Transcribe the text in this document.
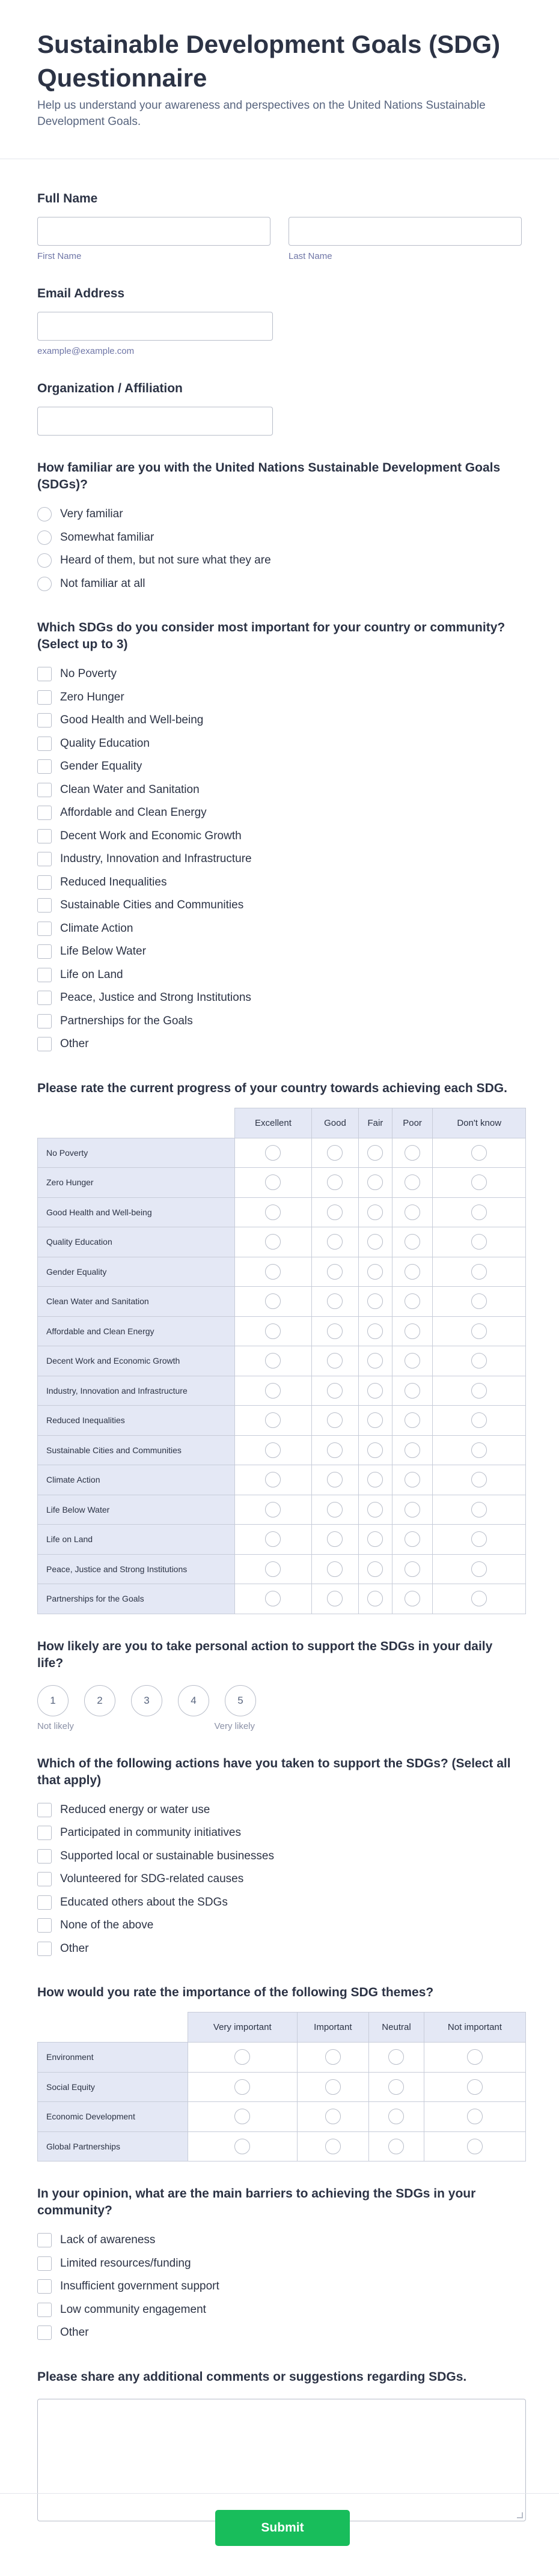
Sustainable Development Goals (SDG) Questionnaire

Help us understand your awareness and perspectives on the United Nations Sustainable Development Goals.

Full Name
First Name	Last Name
Email Address
example@example.com
Organization / Affiliation
How familiar are you with the United Nations Sustainable Development Goals (SDGs)?
Very familiar
Somewhat familiar
Heard of them, but not sure what they are
Not familiar at all
Which SDGs do you consider most important for your country or community? (Select up to 3)
No Poverty
Zero Hunger
Good Health and Well-being
Quality Education
Gender Equality
Clean Water and Sanitation
Affordable and Clean Energy
Decent Work and Economic Growth
Industry, Innovation and Infrastructure
Reduced Inequalities
Sustainable Cities and Communities
Climate Action
Life Below Water
Life on Land
Peace, Justice and Strong Institutions
Partnerships for the Goals
Other
Please rate the current progress of your country towards achieving each SDG.
	Excellent	Good	Fair	Poor	Don't know
No Poverty					
Zero Hunger					
Good Health and Well-being					
Quality Education					
Gender Equality					
Clean Water and Sanitation					
Affordable and Clean Energy					
Decent Work and Economic Growth					
Industry, Innovation and Infrastructure					
Reduced Inequalities					
Sustainable Cities and Communities					
Climate Action					
Life Below Water					
Life on Land					
Peace, Justice and Strong Institutions					
Partnerships for the Goals					
How likely are you to take personal action to support the SDGs in your daily life?
1	2	3	4	5
Not likely	Very likely
Which of the following actions have you taken to support the SDGs? (Select all that apply)
Reduced energy or water use
Participated in community initiatives
Supported local or sustainable businesses
Volunteered for SDG-related causes
Educated others about the SDGs
None of the above
Other
How would you rate the importance of the following SDG themes?
	Very important	Important	Neutral	Not important
Environment				
Social Equity				
Economic Development				
Global Partnerships				
In your opinion, what are the main barriers to achieving the SDGs in your community?
Lack of awareness
Limited resources/funding
Insufficient government support
Low community engagement
Other
Please share any additional comments or suggestions regarding SDGs.
Submit
